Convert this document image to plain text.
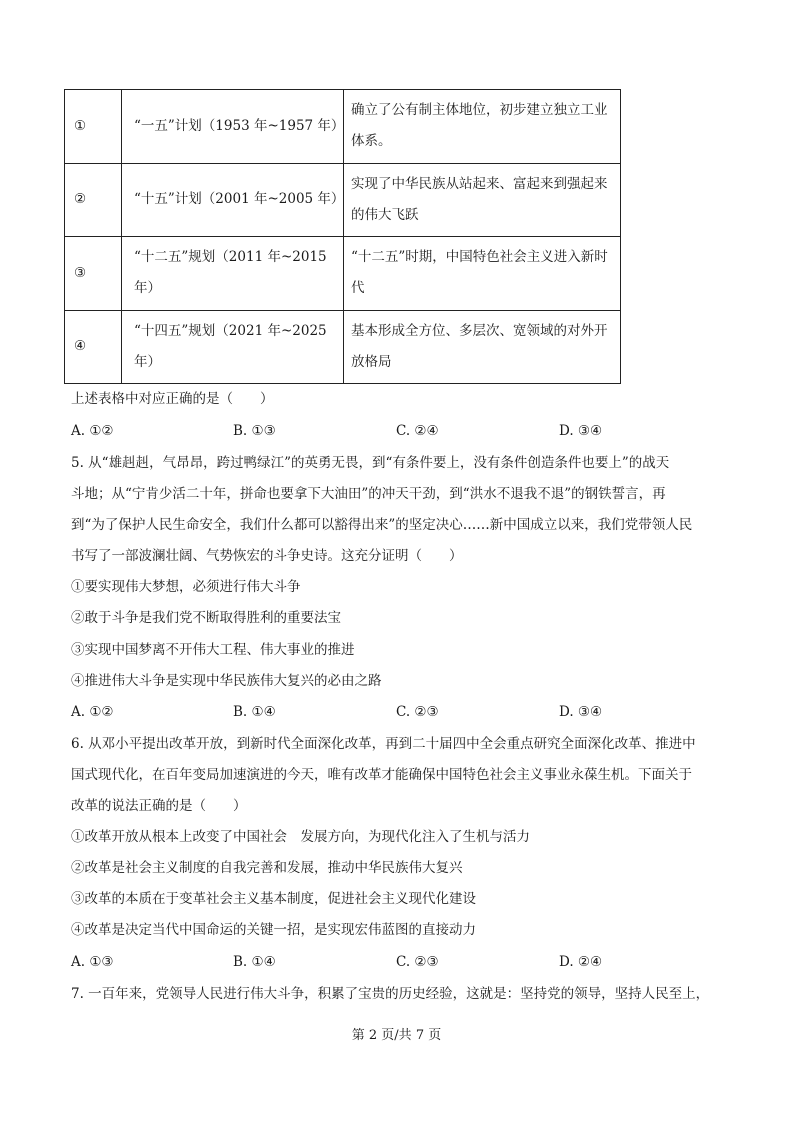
①	“一五”计划（1953 年~1957 年）	确立了公有制主体地位，初步建立独立工业体系。
②	“十五”计划（2001 年~2005 年）	实现了中华民族从站起来、富起来到强起来的伟大飞跃
③	“十二五”规划（2011 年~2015 年）	“十二五”时期，中国特色社会主义进入新时代
④	“十四五”规划（2021 年~2025 年）	基本形成全方位、多层次、宽领域的对外开放格局
上述表格中对应正确的是（　　）
A. ①②	B. ①③	C. ②④	D. ③④
5. 从“雄赳赳，气昂昂，跨过鸭绿江”的英勇无畏，到“有条件要上，没有条件创造条件也要上”的战天
斗地；从“宁肯少活二十年，拼命也要拿下大油田”的冲天干劲，到“洪水不退我不退”的钢铁誓言，再
到“为了保护人民生命安全，我们什么都可以豁得出来”的坚定决心……新中国成立以来，我们党带领人民
书写了一部波澜壮阔、气势恢宏的斗争史诗。这充分证明（　　）
①要实现伟大梦想，必须进行伟大斗争
②敢于斗争是我们党不断取得胜利的重要法宝
③实现中国梦离不开伟大工程、伟大事业的推进
④推进伟大斗争是实现中华民族伟大复兴的必由之路
A. ①②	B. ①④	C. ②③	D. ③④
6. 从邓小平提出改革开放，到新时代全面深化改革，再到二十届四中全会重点研究全面深化改革、推进中
国式现代化，在百年变局加速演进的今天，唯有改革才能确保中国特色社会主义事业永葆生机。下面关于
改革的说法正确的是（　　）
①改革开放从根本上改变了中国社会　发展方向，为现代化注入了生机与活力
②改革是社会主义制度的自我完善和发展，推动中华民族伟大复兴
③改革的本质在于变革社会主义基本制度，促进社会主义现代化建设
④改革是决定当代中国命运的关键一招，是实现宏伟蓝图的直接动力
A. ①③	B. ①④	C. ②③	D. ②④
7. 一百年来，党领导人民进行伟大斗争，积累了宝贵的历史经验，这就是：坚持党的领导，坚持人民至上，
第 2 页/共 7 页
